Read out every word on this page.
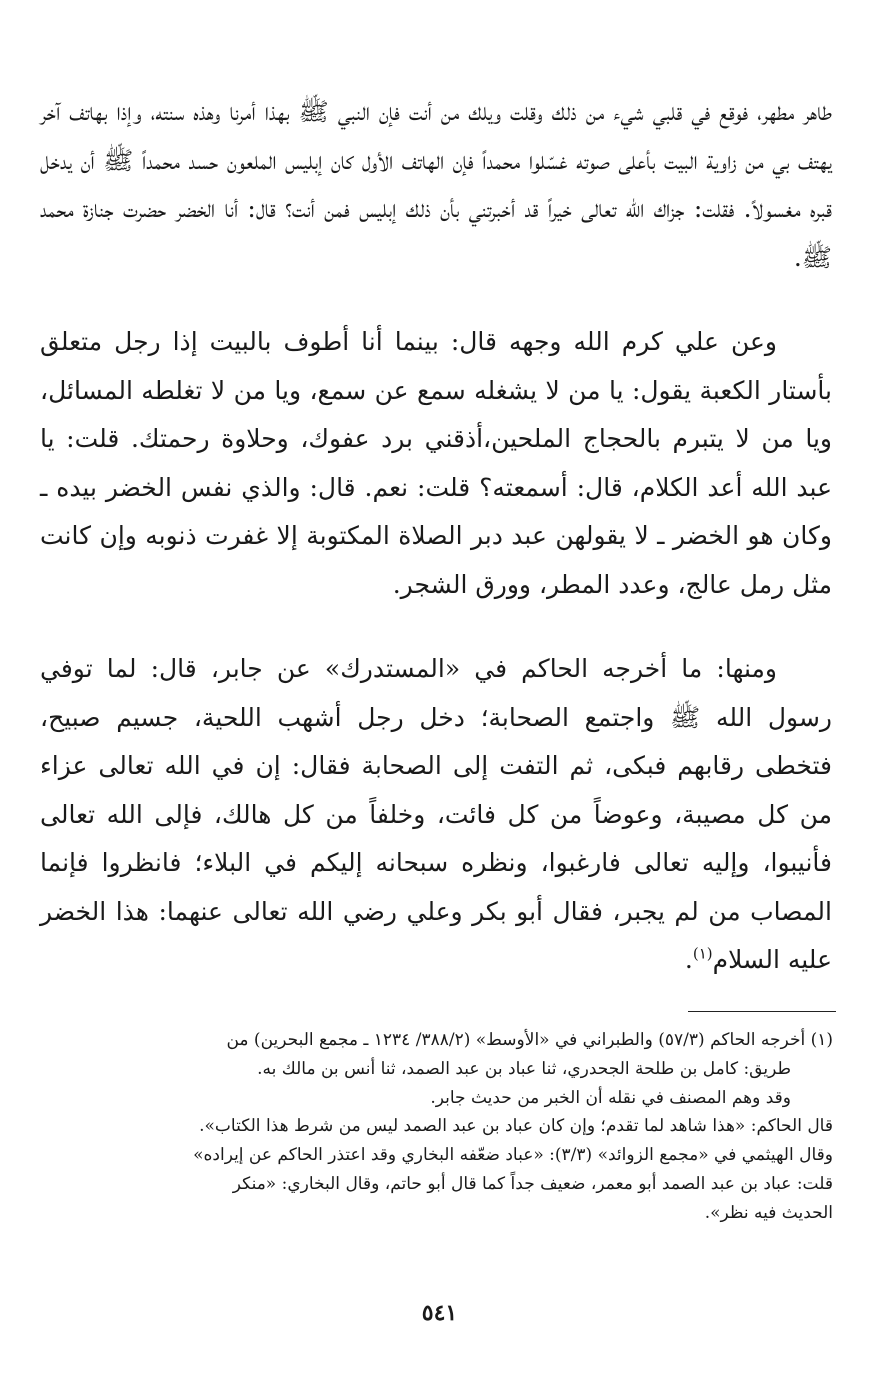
طاهر مطهر، فوقع في قلبي شيء من ذلك وقلت ويلك من أنت فإن النبي ﷺ بهذا أمرنا وهذه سنته، وإذا بهاتف آخر يهتف بي من زاوية البيت بأعلى صوته غسّلوا محمداً فإن الهاتف الأول كان إبليس الملعون حسد محمداً ﷺ أن يدخل قبره مغسولاً. فقلت: جزاك الله تعالى خيراً قد أخبرتني بأن ذلك إبليس فمن أنت؟ قال: أنا الخضر حضرت جنازة محمد ﷺ.

وعن علي كرم الله وجهه قال: بينما أنا أطوف بالبيت إذا رجل متعلق بأستار الكعبة يقول: يا من لا يشغله سمع عن سمع، ويا من لا تغلطه المسائل، ويا من لا يتبرم بالحجاج الملحين،أذقني برد عفوك، وحلاوة رحمتك. قلت: يا عبد الله أعد الكلام، قال: أسمعته؟ قلت: نعم. قال: والذي نفس الخضر بيده ـ وكان هو الخضر ـ لا يقولهن عبد دبر الصلاة المكتوبة إلا غفرت ذنوبه وإن كانت مثل رمل عالج، وعدد المطر، وورق الشجر.

ومنها: ما أخرجه الحاكم في «المستدرك» عن جابر، قال: لما توفي رسول الله ﷺ واجتمع الصحابة؛ دخل رجل أشهب اللحية، جسيم صبيح، فتخطى رقابهم فبكى، ثم التفت إلى الصحابة فقال: إن في الله تعالى عزاء من كل مصيبة، وعوضاً من كل فائت، وخلفاً من كل هالك، فإلى الله تعالى فأنيبوا، وإليه تعالى فارغبوا، ونظره سبحانه إليكم في البلاء؛ فانظروا فإنما المصاب من لم يجبر، فقال أبو بكر وعلي رضي الله تعالى عنهما: هذا الخضر عليه السلام$^{(١)}$.

(١) أخرجه الحاكم (٥٧/٣) والطبراني في «الأوسط» (٣٨٨/٢/ ١٢٣٤ ـ مجمع البحرين) من

طريق: كامل بن طلحة الجحدري، ثنا عباد بن عبد الصمد، ثنا أنس بن مالك به.

وقد وهم المصنف في نقله أن الخبر من حديث جابر.

قال الحاكم: «هذا شاهد لما تقدم؛ وإن كان عباد بن عبد الصمد ليس من شرط هذا الكتاب».

وقال الهيثمي في «مجمع الزوائد» (٣/٣): «عباد ضعّفه البخاري وقد اعتذر الحاكم عن إيراده»

قلت: عباد بن عبد الصمد أبو معمر، ضعيف جداً كما قال أبو حاتم، وقال البخاري: «منكر

الحديث فيه نظر».

٥٤١
